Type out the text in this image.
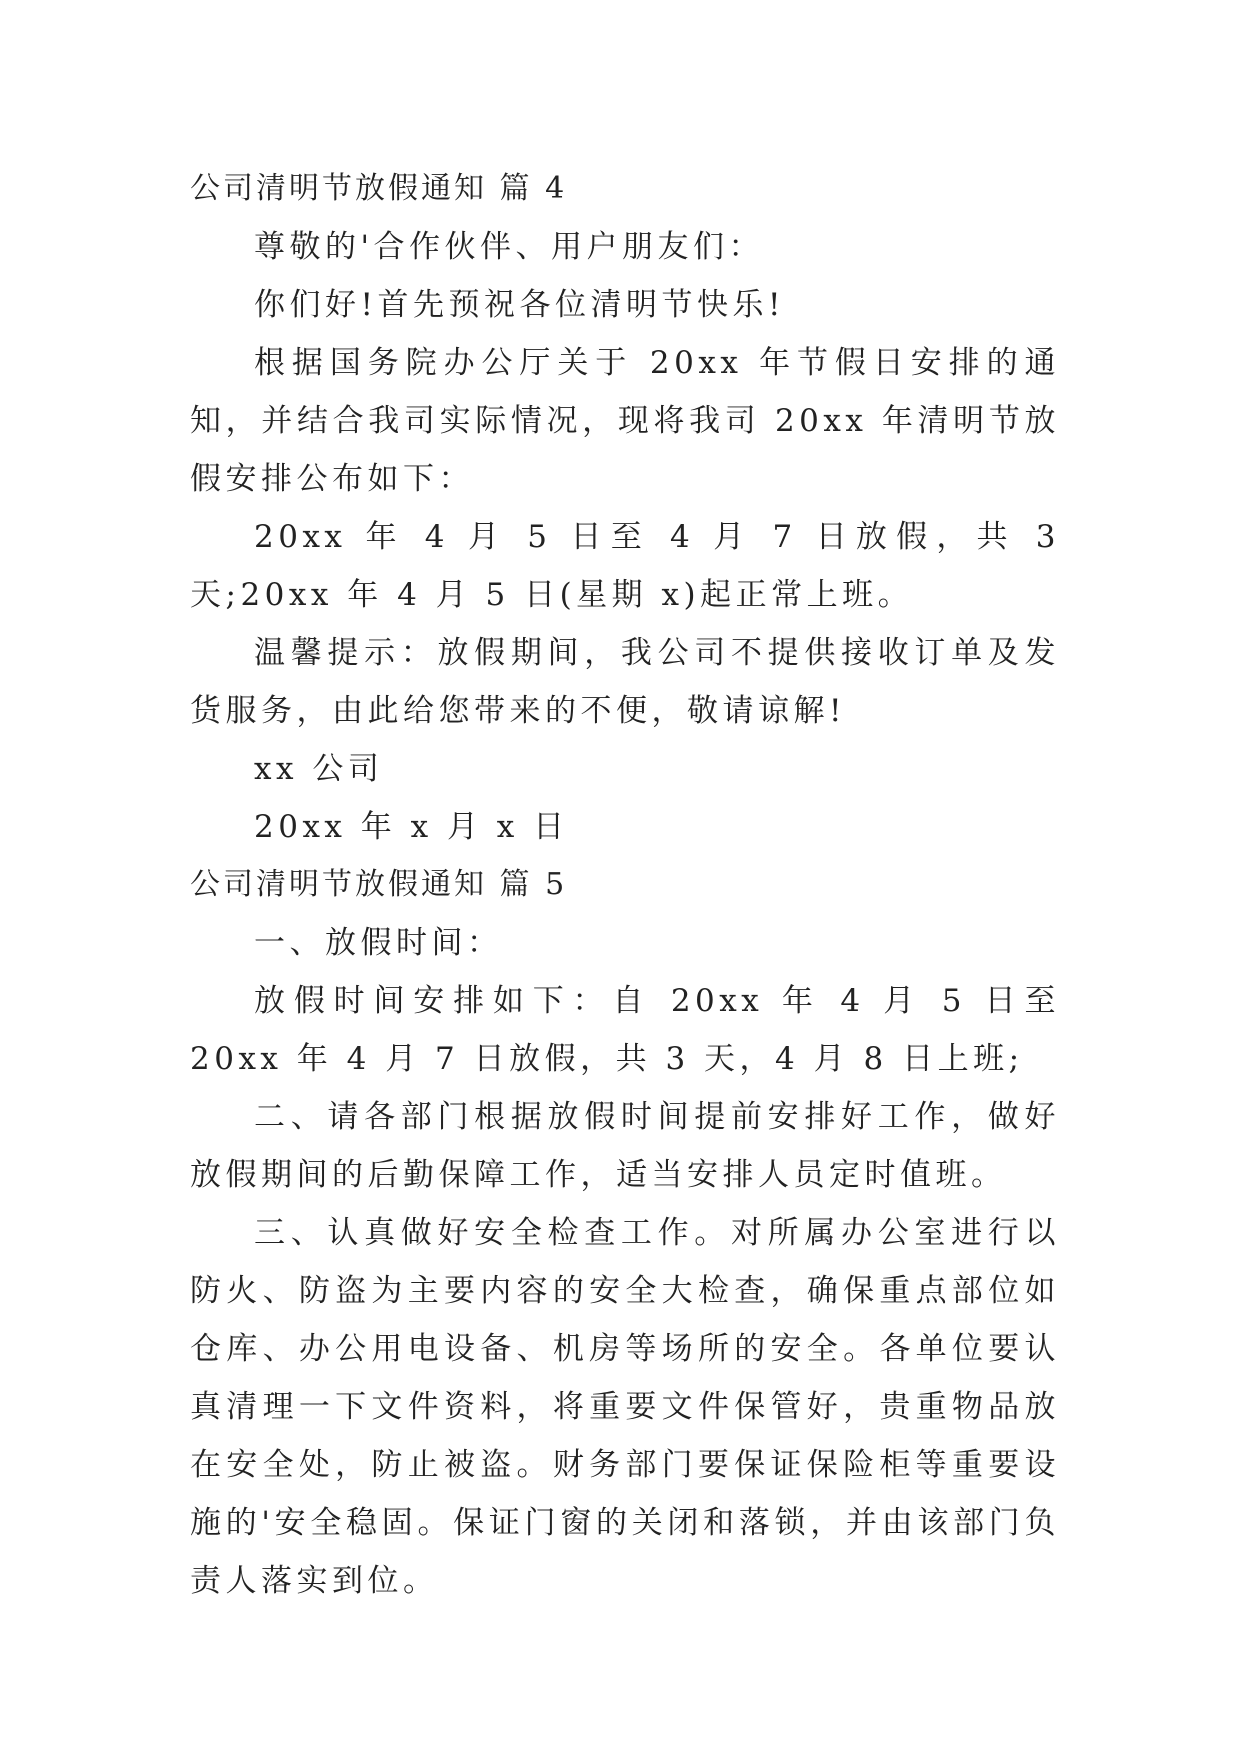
公司清明节放假通知 篇 4

尊敬的'合作伙伴、用户朋友们：

你们好!首先预祝各位清明节快乐!

根据国务院办公厅关于 20xx 年节假日安排的通知，并结合我司实际情况，现将我司 20xx 年清明节放假安排公布如下：

20xx 年 4 月 5 日至 4 月 7 日放假，共 3 天;20xx 年 4 月 5 日(星期 x)起正常上班。

温馨提示：放假期间，我公司不提供接收订单及发货服务，由此给您带来的不便，敬请谅解!

xx 公司

20xx 年 x 月 x 日

公司清明节放假通知 篇 5

一、放假时间：

放假时间安排如下：自 20xx 年 4 月 5 日至 20xx 年 4 月 7 日放假，共 3 天，4 月 8 日上班;

二、请各部门根据放假时间提前安排好工作，做好放假期间的后勤保障工作，适当安排人员定时值班。

三、认真做好安全检查工作。对所属办公室进行以防火、防盗为主要内容的安全大检查，确保重点部位如仓库、办公用电设备、机房等场所的安全。各单位要认真清理一下文件资料，将重要文件保管好，贵重物品放在安全处，防止被盗。财务部门要保证保险柜等重要设施的'安全稳固。保证门窗的关闭和落锁，并由该部门负责人落实到位。
